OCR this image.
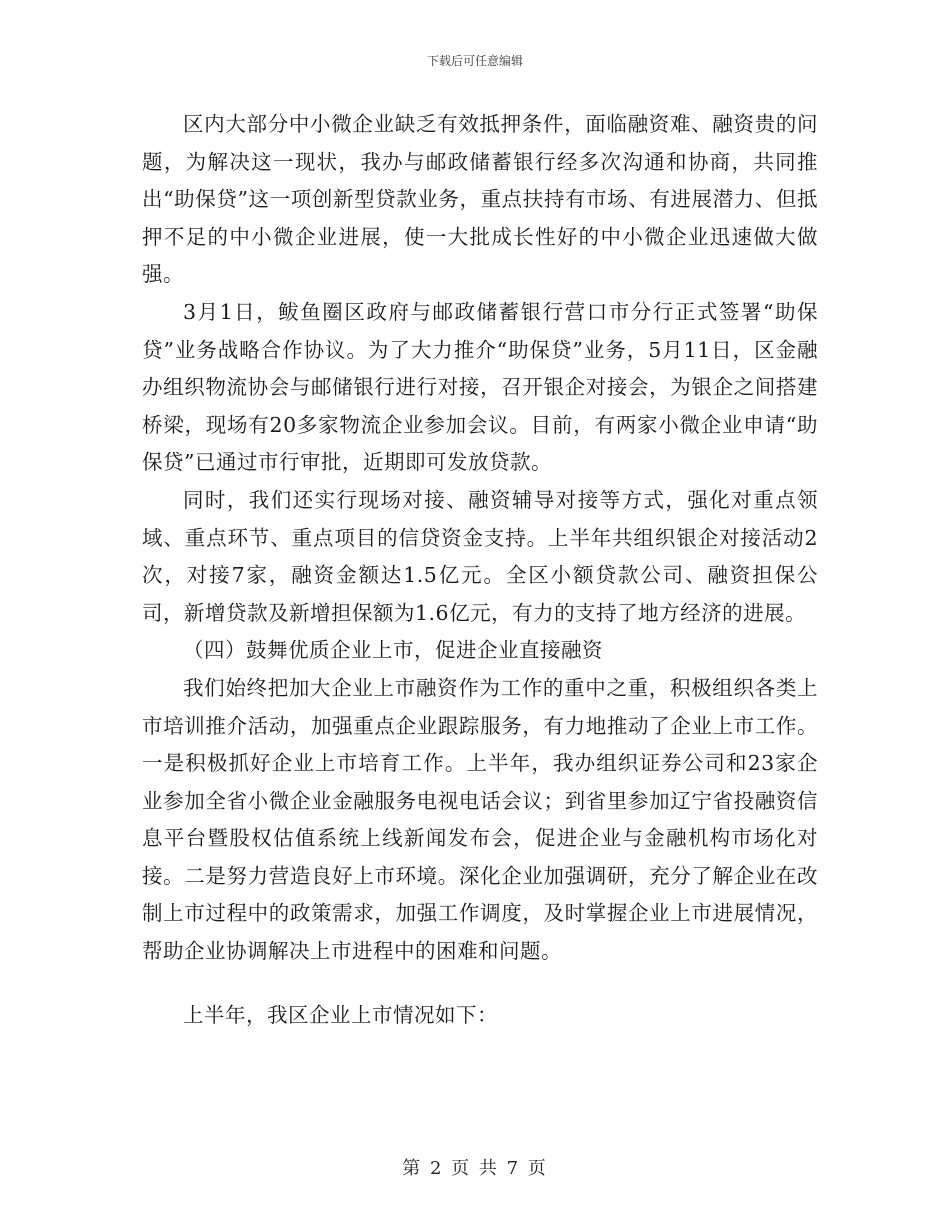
下载后可任意编辑

区内大部分中小微企业缺乏有效抵押条件，面临融资难、融资贵的问题，为解决这一现状，我办与邮政储蓄银行经多次沟通和协商，共同推出“助保贷”这一项创新型贷款业务，重点扶持有市场、有进展潜力、但抵押不足的中小微企业进展，使一大批成长性好的中小微企业迅速做大做强。

3月1日，鲅鱼圈区政府与邮政储蓄银行营口市分行正式签署“助保贷”业务战略合作协议。为了大力推介“助保贷”业务，5月11日，区金融办组织物流协会与邮储银行进行对接，召开银企对接会，为银企之间搭建桥梁，现场有20多家物流企业参加会议。目前，有两家小微企业申请“助保贷”已通过市行审批，近期即可发放贷款。

同时，我们还实行现场对接、融资辅导对接等方式，强化对重点领域、重点环节、重点项目的信贷资金支持。上半年共组织银企对接活动2次，对接7家，融资金额达1.5亿元。全区小额贷款公司、融资担保公司，新增贷款及新增担保额为1.6亿元，有力的支持了地方经济的进展。

（四）鼓舞优质企业上市，促进企业直接融资

我们始终把加大企业上市融资作为工作的重中之重，积极组织各类上市培训推介活动，加强重点企业跟踪服务，有力地推动了企业上市工作。一是积极抓好企业上市培育工作。上半年，我办组织证券公司和23家企业参加全省小微企业金融服务电视电话会议；到省里参加辽宁省投融资信息平台暨股权估值系统上线新闻发布会，促进企业与金融机构市场化对接。二是努力营造良好上市环境。深化企业加强调研，充分了解企业在改制上市过程中的政策需求，加强工作调度，及时掌握企业上市进展情况，帮助企业协调解决上市进程中的困难和问题。

上半年，我区企业上市情况如下：

第 2 页 共 7 页
